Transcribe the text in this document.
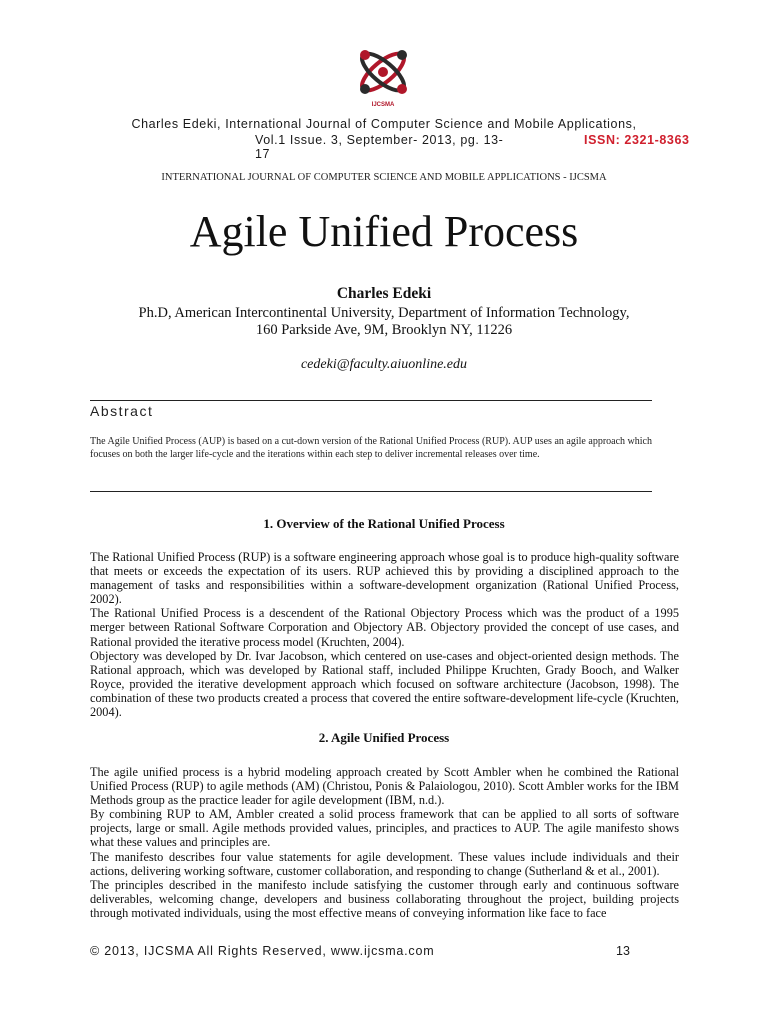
IJCSMA
Charles Edeki, International Journal of Computer Science and Mobile Applications,
Vol.1 Issue. 3, September- 2013, pg. 13-17
ISSN: 2321-8363
INTERNATIONAL JOURNAL OF COMPUTER SCIENCE AND MOBILE APPLICATIONS - IJCSMA
Agile Unified Process
Charles Edeki
Ph.D, American Intercontinental University, Department of Information Technology,
160 Parkside Ave, 9M, Brooklyn NY, 11226
cedeki@faculty.aiuonline.edu
Abstract
The Agile Unified Process (AUP) is based on a cut-down version of the Rational Unified Process (RUP). AUP uses an agile approach which focuses on both the larger life-cycle and the iterations within each step to deliver incremental releases over time.
1. Overview of the Rational Unified Process
The Rational Unified Process (RUP) is a software engineering approach whose goal is to produce high-quality software that meets or exceeds the expectation of its users. RUP achieved this by providing a disciplined approach to the management of tasks and responsibilities within a software-development organization (Rational Unified Process, 2002).
The Rational Unified Process is a descendent of the Rational Objectory Process which was the product of a 1995 merger between Rational Software Corporation and Objectory AB. Objectory provided the concept of use cases, and Rational provided the iterative process model (Kruchten, 2004).
Objectory was developed by Dr. Ivar Jacobson, which centered on use-cases and object-oriented design methods. The Rational approach, which was developed by Rational staff, included Philippe Kruchten, Grady Booch, and Walker Royce, provided the iterative development approach which focused on software architecture (Jacobson, 1998). The combination of these two products created a process that covered the entire software-development life-cycle (Kruchten, 2004).
2. Agile Unified Process
The agile unified process is a hybrid modeling approach created by Scott Ambler when he combined the Rational Unified Process (RUP) to agile methods (AM) (Christou, Ponis & Palaiologou, 2010). Scott Ambler works for the IBM Methods group as the practice leader for agile development (IBM, n.d.).
By combining RUP to AM, Ambler created a solid process framework that can be applied to all sorts of software projects, large or small. Agile methods provided values, principles, and practices to AUP. The agile manifesto shows what these values and principles are.
The manifesto describes four value statements for agile development. These values include individuals and their actions, delivering working software, customer collaboration, and responding to change (Sutherland & et al., 2001).
The principles described in the manifesto include satisfying the customer through early and continuous software deliverables, welcoming change, developers and business collaborating throughout the project, building projects through motivated individuals, using the most effective means of conveying information like face to face
© 2013, IJCSMA All Rights Reserved, www.ijcsma.com	13
